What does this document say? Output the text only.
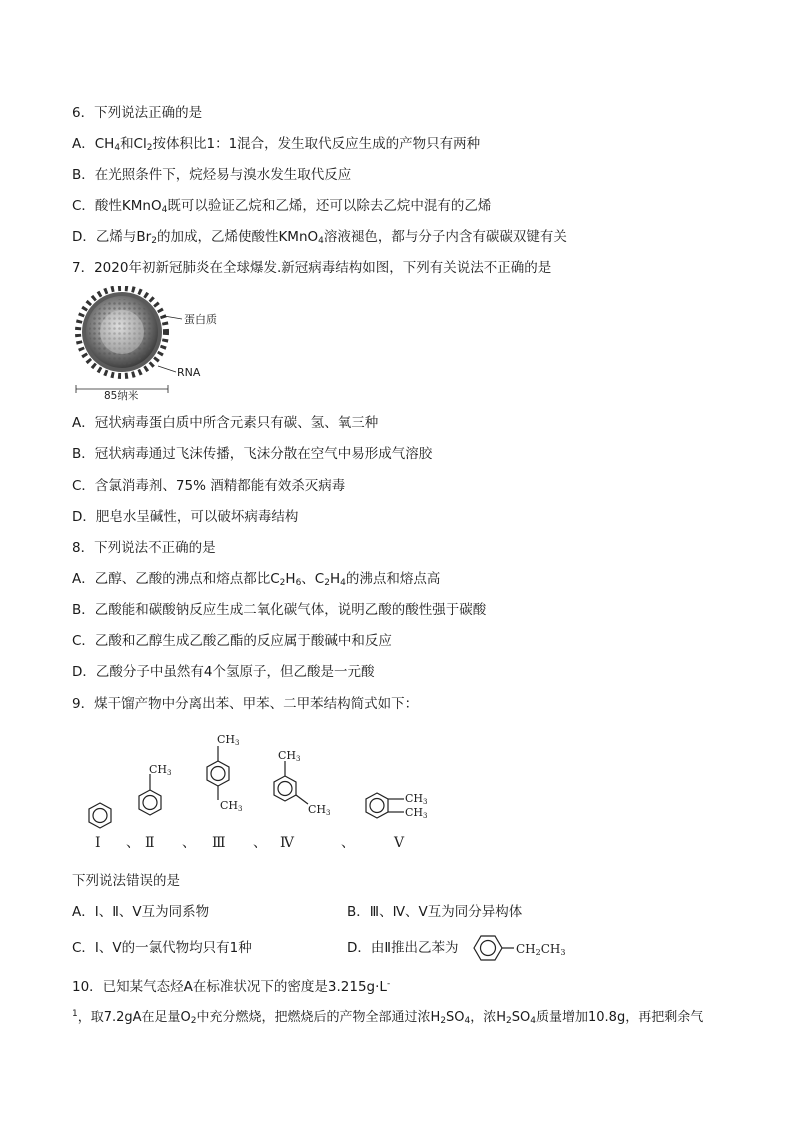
6．下列说法正确的是
A．$CH_4$和$Cl_2$按体积比1：1混合，发生取代反应生成的产物只有两种
B．在光照条件下，烷烃易与溴水发生取代反应
C．酸性KMnO$_4$既可以验证乙烷和乙烯，还可以除去乙烷中混有的乙烯
D．乙烯与$Br_2$的加成，乙烯使酸性KMnO$_4$溶液褪色，都与分子内含有碳碳双键有关
7．2020年初新冠肺炎在全球爆发.新冠病毒结构如图，下列有关说法不正确的是
蛋白质
RNA
85纳米
A．冠状病毒蛋白质中所含元素只有碳、氢、氧三种
B．冠状病毒通过飞沫传播，飞沫分散在空气中易形成气溶胶
C．含氯消毒剂、75% 酒精都能有效杀灭病毒
D．肥皂水呈碱性，可以破坏病毒结构
8．下列说法不正确的是
A．乙醇、乙酸的沸点和熔点都比$C_2H_6$、$C_2H_4$的沸点和熔点高
B．乙酸能和碳酸钠反应生成二氧化碳气体，说明乙酸的酸性强于碳酸
C．乙酸和乙醇生成乙酸乙酯的反应属于酸碱中和反应
D．乙酸分子中虽然有4个氢原子，但乙酸是一元酸
9．煤干馏产物中分离出苯、甲苯、二甲苯结构简式如下：
CH3
CH3
CH3
CH3
CH3
CH3
CH3
Ⅰ 、 Ⅱ 、 Ⅲ 、 Ⅳ	、	Ⅴ
下列说法错误的是
A．Ⅰ、Ⅱ、Ⅴ互为同系物	B．Ⅲ、Ⅳ、Ⅴ互为同分异构体
C．Ⅰ、Ⅴ的一氯代物均只有1种	D．由Ⅱ推出乙苯为	CH2CH3
10．已知某气态烃A在标准状况下的密度是3.215g·L-
$^1$，取7.2gA在足量$O_2$中充分燃烧，把燃烧后的产物全部通过浓$H_2SO_4$，浓$H_2SO_4$质量增加10.8g，再把剩余气
